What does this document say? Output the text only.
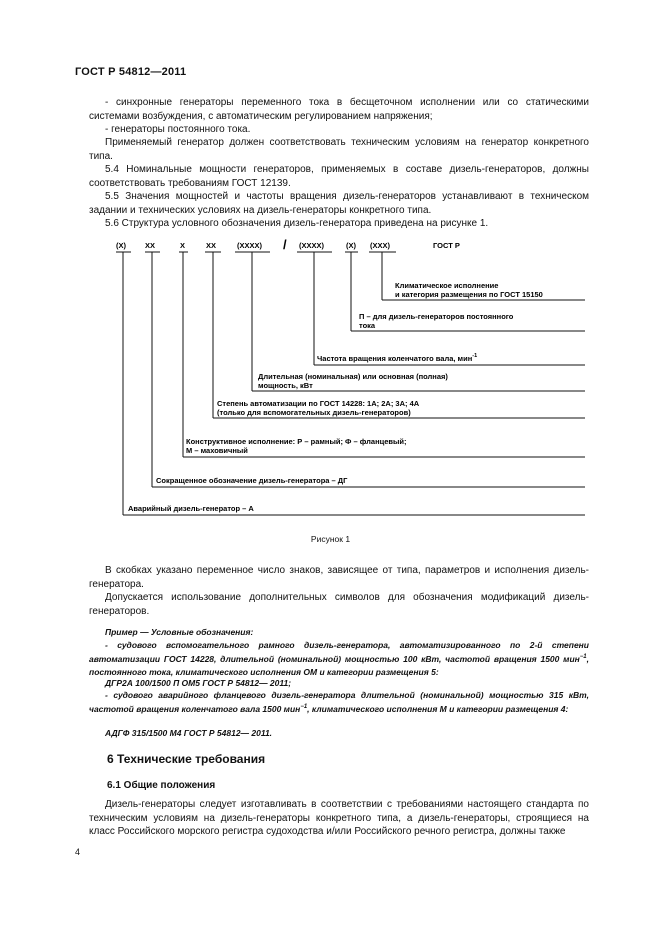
ГОСТ Р 54812—2011

- синхронные генераторы переменного тока в бесщеточном исполнении или со статическими системами возбуждения, с автоматическим регулированием напряжения;

- генераторы постоянного тока.

Применяемый генератор должен соответствовать техническим условиям на генератор конкретного типа.

5.4 Номинальные мощности генераторов, применяемых в составе дизель-генераторов, должны соответствовать требованиям ГОСТ 12139.

5.5 Значения мощностей и частоты вращения дизель-генераторов устанавливают в техническом задании и технических условиях на дизель-генераторы конкретного типа.

5.6 Структура условного обозначения дизель-генератора приведена на рисунке 1.

(X)	XX	X	XX	(XXXX) / (XXXX)	(X) (XXX)	ГОСТ Р
Климатическое исполнение
и категория размещения по ГОСТ 15150
П – для дизель-генераторов постоянного
тока
Частота вращения коленчатого вала, мин$^{-1}$
Длительная (номинальная) или основная (полная)
мощность, кВт
Степень автоматизации по ГОСТ 14228: 1А; 2А; 3А; 4А
(только для вспомогательных дизель-генераторов)
Конструктивное исполнение: Р – рамный; Ф – фланцевый;
М – маховичный
Сокращенное обозначение дизель-генератора – ДГ
Аварийный дизель-генератор – А
Рисунок 1

В скобках указано переменное число знаков, зависящее от типа, параметров и исполнения дизель-генератора.

Допускается использование дополнительных символов для обозначения модификаций дизель-генераторов.

Пример — Условные обозначения:
- судового вспомогательного рамного дизель-генератора, автоматизированного по 2-й степени автоматизации ГОСТ 14228, длительной (номинальной) мощностью 100 кВт, частотой вращения 1500 мин$^{-1}$, постоянного тока, климатического исполнения ОМ и категории размещения 5:
ДГР2А 100/1500 П ОМ5 ГОСТ Р 54812— 2011;
- судового аварийного фланцевого дизель-генератора длительной (номинальной) мощностью 315 кВт, частотой вращения коленчатого вала 1500 мин$^{-1}$, климатического исполнения М и категории размещения 4:
АДГФ 315/1500 М4 ГОСТ Р 54812— 2011.
6 Технические требования
6.1 Общие положения

Дизель-генераторы следует изготавливать в соответствии с требованиями настоящего стандарта по техническим условиям на дизель-генераторы конкретного типа, а дизель-генераторы, строящиеся на класс Российского морского регистра судоходства и/или Российского речного регистра, должны также

4
